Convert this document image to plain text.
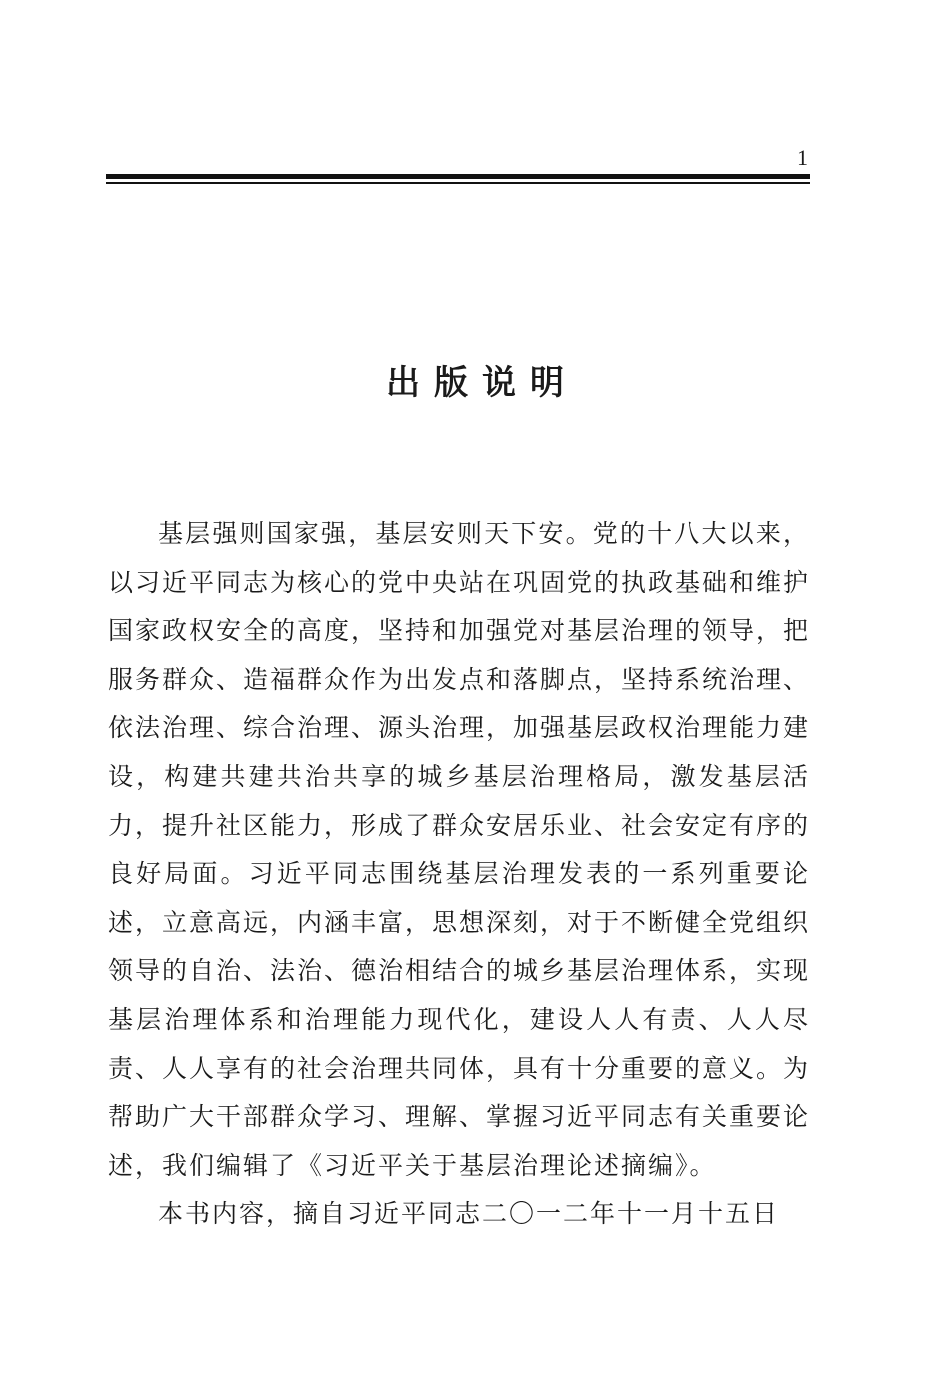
1
出版说明

基层强则国家强，基层安则天下安。党的十八大以来，以习近平同志为核心的党中央站在巩固党的执政基础和维护国家政权安全的高度，坚持和加强党对基层治理的领导，把服务群众、造福群众作为出发点和落脚点，坚持系统治理、依法治理、综合治理、源头治理，加强基层政权治理能力建设，构建共建共治共享的城乡基层治理格局，激发基层活力，提升社区能力，形成了群众安居乐业、社会安定有序的良好局面。习近平同志围绕基层治理发表的一系列重要论述，立意高远，内涵丰富，思想深刻，对于不断健全党组织领导的自治、法治、德治相结合的城乡基层治理体系，实现基层治理体系和治理能力现代化，建设人人有责、人人尽责、人人享有的社会治理共同体，具有十分重要的意义。为帮助广大干部群众学习、理解、掌握习近平同志有关重要论述，我们编辑了《习近平关于基层治理论述摘编》。

本书内容，摘自习近平同志二〇一二年十一月十五日
